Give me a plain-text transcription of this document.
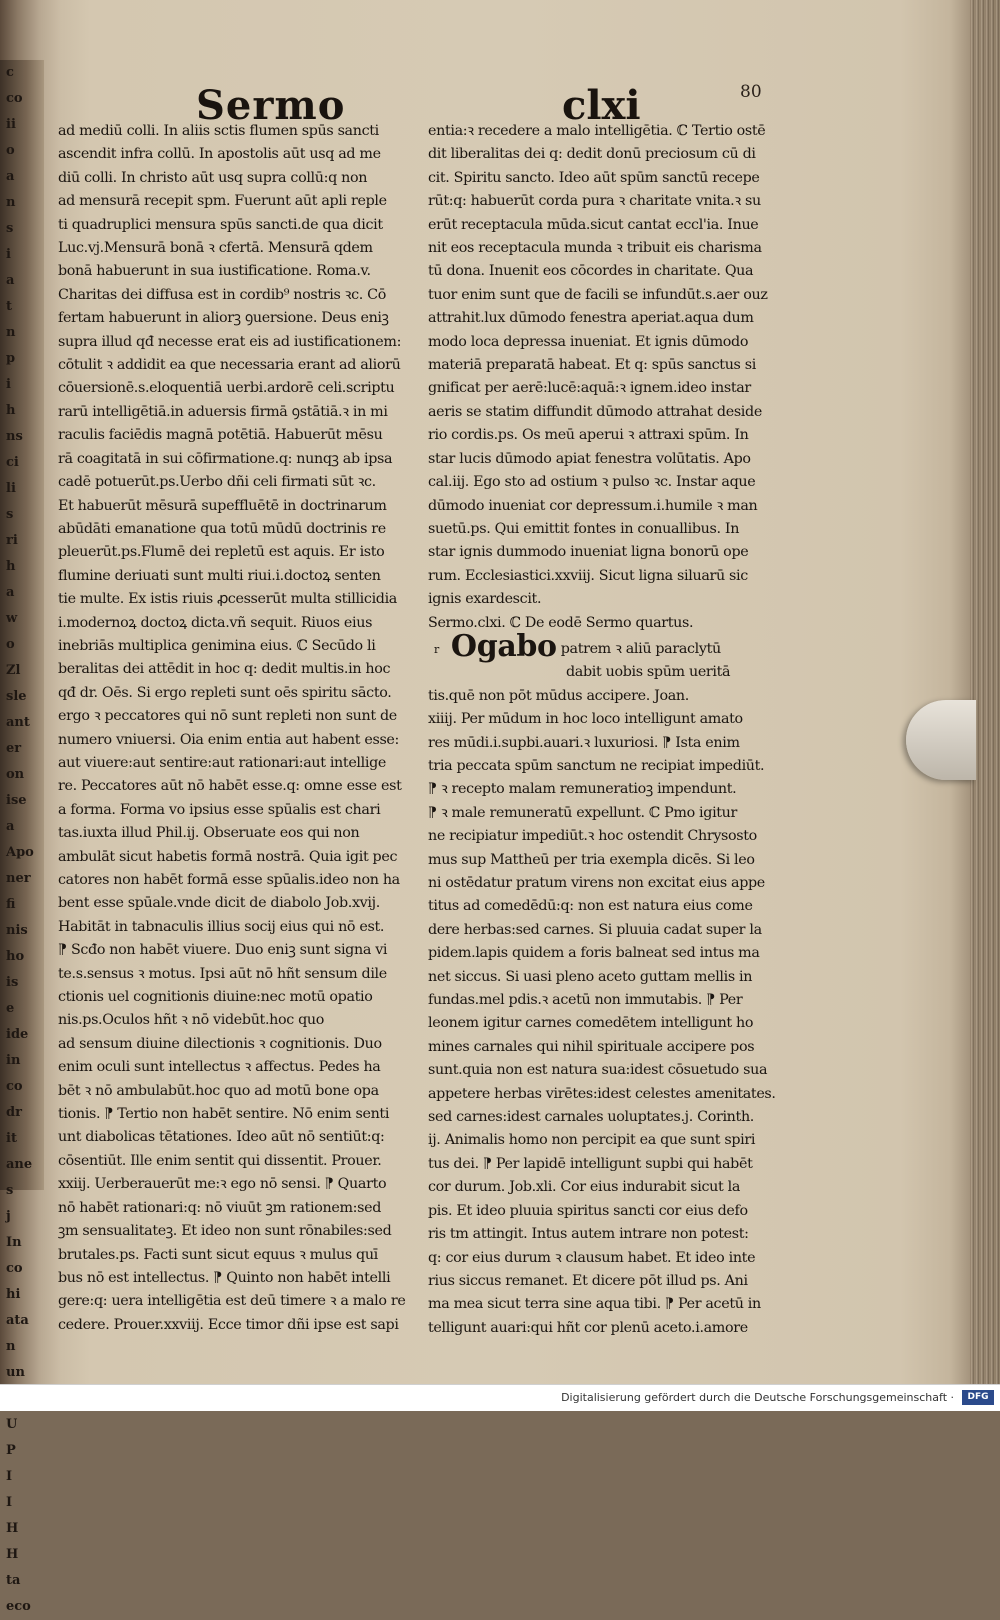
c
co
ii
o
a
n
s
i
a
t
n
p
i
h
ns
ci
li
s
ri
h
a
w
o
Zl
sle
ant
er
on
ise
a
Apo
ner
fi
nis
ho
is
e
ide
in
co
dr
it
ane
s
j
In
co
hi
ata
n
un
U
P
I
I
H
H
ta
eco
Sermo	clxi	80
ad mediū colli. In aliis sctis flumen spūs sancti
ascendit infra collū. In apostolis aūt usq ad me
diū colli. In christo aūt usq supra collū:q non
ad mensurā recepit spm. Fuerunt aūt apli reple
ti quadruplici mensura spūs sancti.de qua dicit
Luc.vj.Mensurā bonā ꝛ cfertā. Mensurā qdem
bonā habuerunt in sua iustificatione. Roma.v.
Charitas dei diffusa est in cordib⁹ nostris ꝛc. Cō
fertam habuerunt in aliorꝫ ꝯuersione. Deus eniꝫ
supra illud qđ necesse erat eis ad iustificationem:
cōtulit ꝛ addidit ea que necessaria erant ad aliorū
cōuersionē.s.eloquentiā uerbi.ardorē celi.scriptu
rarū intelligētiā.in aduersis firmā ꝯstātiā.ꝛ in mi
raculis faciēdis magnā potētiā. Habuerūt mēsu
rā coagitatā in sui cōfirmatione.q: nunqꝫ ab ipsa
cadē potuerūt.ps.Uerbo dñi celi firmati sūt ꝛc.
Et habuerūt mēsurā supeffluētē in doctrinarum
abūdāti emanatione qua totū mūdū doctrinis re
pleuerūt.ps.Flumē dei repletū est aquis. Er isto
flumine deriuati sunt multi riui.i.doctoꝝ senten
tie multe. Ex istis riuis ꝓcesserūt multa stillicidia
i.modernoꝝ doctoꝝ dicta.vñ sequit. Riuos eius
inebriās multiplica genimina eius. ℂ Secūdo li
beralitas dei attēdit in hoc q: dedit multis.in hoc
qđ dr. Oēs. Si ergo repleti sunt oēs spiritu sācto.
ergo ꝛ peccatores qui nō sunt repleti non sunt de
numero vniuersi. Oia enim entia aut habent esse:
aut viuere:aut sentire:aut rationari:aut intellige
re. Peccatores aūt nō habēt esse.q: omne esse est
a forma. Forma vo ipsius esse spūalis est chari
tas.iuxta illud Phil.ij. Obseruate eos qui non
ambulāt sicut habetis formā nostrā. Quia igit pec
catores non habēt formā esse spūalis.ideo non ha
bent esse spūale.vnde dicit de diabolo Job.xvij.
Habitāt in tabnaculis illius socij eius qui nō est.
⁋ Scđo non habēt viuere. Duo eniꝫ sunt signa vi
te.s.sensus ꝛ motus. Ipsi aūt nō hñt sensum dile
ctionis uel cognitionis diuine:nec motū opatio
nis.ps.Oculos hñt ꝛ nō videbūt.hoc quo
ad sensum diuine dilectionis ꝛ cognitionis. Duo
enim oculi sunt intellectus ꝛ affectus. Pedes ha
bēt ꝛ nō ambulabūt.hoc quo ad motū bone opa
tionis. ⁋ Tertio non habēt sentire. Nō enim senti
unt diabolicas tētationes. Ideo aūt nō sentiūt:q:
cōsentiūt. Ille enim sentit qui dissentit. Prouer.
xxiij. Uerberauerūt me:ꝛ ego nō sensi. ⁋ Quarto
nō habēt rationari:q: nō viuūt ꝫm rationem:sed
ꝫm sensualitateꝫ. Et ideo non sunt rōnabiles:sed
brutales.ps. Facti sunt sicut equus ꝛ mulus quī
bus nō est intellectus. ⁋ Quinto non habēt intelli
gere:q: uera intelligētia est deū timere ꝛ a malo re
cedere. Prouer.xxviij. Ecce timor dñi ipse est sapi
entia:ꝛ recedere a malo intelligētia. ℂ Tertio ostē
dit liberalitas dei q: dedit donū preciosum cū di
cit. Spiritu sancto. Ideo aūt spūm sanctū recepe
rūt:q: habuerūt corda pura ꝛ charitate vnita.ꝛ su
erūt receptacula mūda.sicut cantat eccl'ia. Inue
nit eos receptacula munda ꝛ tribuit eis charisma
tū dona. Inuenit eos cōcordes in charitate. Qua
tuor enim sunt que de facili se infundūt.s.aer ouz
attrahit.lux dūmodo fenestra aperiat.aqua dum
modo loca depressa inueniat. Et ignis dūmodo
materiā preparatā habeat. Et q: spūs sanctus si
gnificat per aerē:lucē:aquā:ꝛ ignem.ideo instar
aeris se statim diffundit dūmodo attrahat deside
rio cordis.ps. Os meū aperui ꝛ attraxi spūm. In
star lucis dūmodo apiat fenestra volūtatis. Apo
cal.iij. Ego sto ad ostium ꝛ pulso ꝛc. Instar aque
dūmodo inueniat cor depressum.i.humile ꝛ man
suetū.ps. Qui emittit fontes in conuallibus. In
star ignis dummodo inueniat ligna bonorū ope
rum. Ecclesiastici.xxviij. Sicut ligna siluarū sic
ignis exardescit.
Sermo.clxi. ℂ De eodē Sermo quartus.
r Ogabo patrem ꝛ aliū paraclytū
dabit uobis spūm ueritā
tis.quē non pōt mūdus accipere. Joan.
xiiij. Per mūdum in hoc loco intelligunt amato
res mūdi.i.supbi.auari.ꝛ luxuriosi. ⁋ Ista enim
tria peccata spūm sanctum ne recipiat impediūt.
⁋ ꝛ recepto malam remuneratioꝫ impendunt.
⁋ ꝛ male remuneratū expellunt. ℂ Pmo igitur
ne recipiatur impediūt.ꝛ hoc ostendit Chrysosto
mus sup Mattheū per tria exempla dicēs. Si leo
ni ostēdatur pratum virens non excitat eius appe
titus ad comedēdū:q: non est natura eius come
dere herbas:sed carnes. Si pluuia cadat super la
pidem.lapis quidem a foris balneat sed intus ma
net siccus. Si uasi pleno aceto guttam mellis in
fundas.mel pdis.ꝛ acetū non immutabis. ⁋ Per
leonem igitur carnes comedētem intelligunt ho
mines carnales qui nihil spirituale accipere pos
sunt.quia non est natura sua:idest cōsuetudo sua
appetere herbas virētes:idest celestes amenitates.
sed carnes:idest carnales uoluptates.j. Corinth.
ij. Animalis homo non percipit ea que sunt spiri
tus dei. ⁋ Per lapidē intelligunt supbi qui habēt
cor durum. Job.xli. Cor eius indurabit sicut la
pis. Et ideo pluuia spiritus sancti cor eius defo
ris tm attingit. Intus autem intrare non potest:
q: cor eius durum ꝛ clausum habet. Et ideo inte
rius siccus remanet. Et dicere pōt illud ps. Ani
ma mea sicut terra sine aqua tibi. ⁋ Per acetū in
telligunt auari:qui hñt cor plenū aceto.i.amore
Digitalisierung gefördert durch die Deutsche Forschungsgemeinschaft ·	DFG
